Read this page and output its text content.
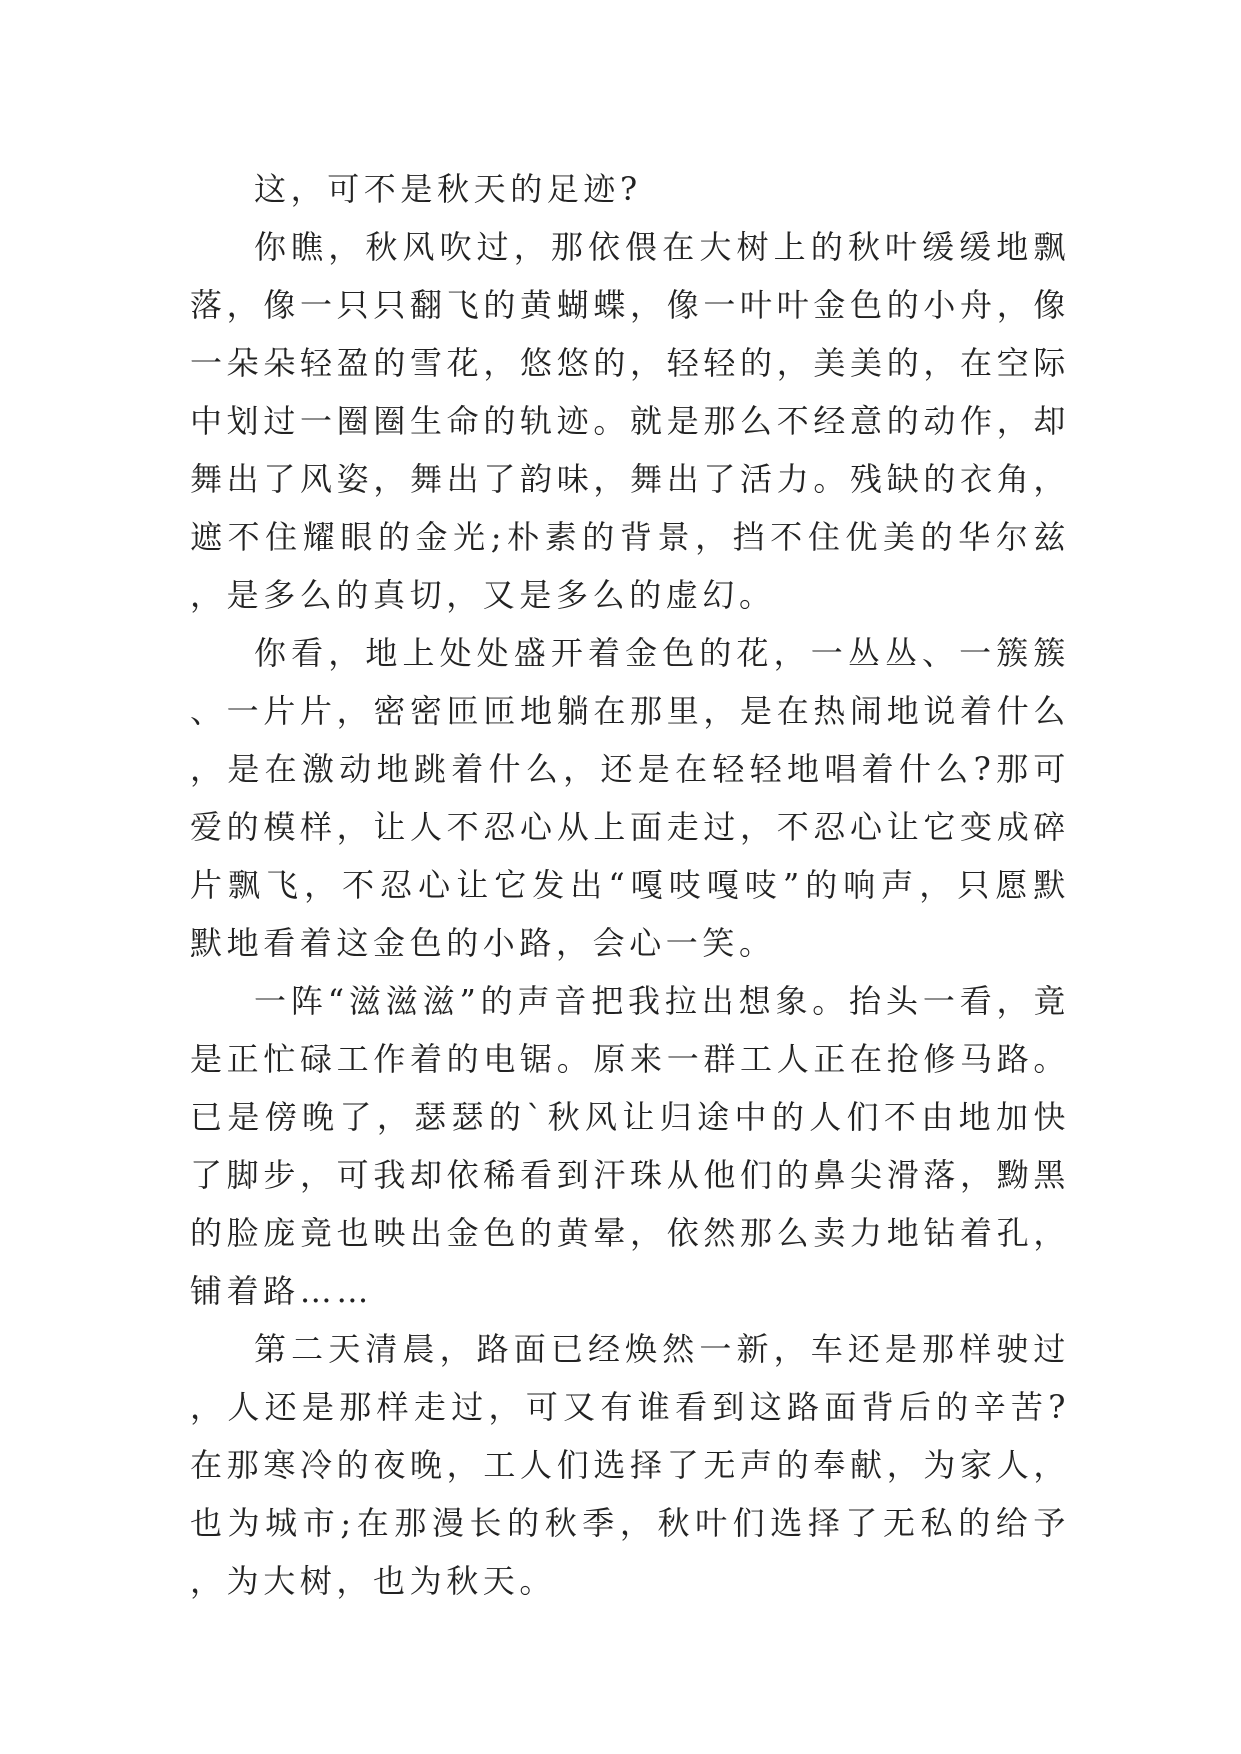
这，可不是秋天的足迹?

你瞧，秋风吹过，那依偎在大树上的秋叶缓缓地飘落，像一只只翻飞的黄蝴蝶，像一叶叶金色的小舟，像一朵朵轻盈的雪花，悠悠的，轻轻的，美美的，在空际中划过一圈圈生命的轨迹。就是那么不经意的动作，却舞出了风姿，舞出了韵味，舞出了活力。残缺的衣角，遮不住耀眼的金光;朴素的背景，挡不住优美的华尔兹，是多么的真切，又是多么的虚幻。

你看，地上处处盛开着金色的花，一丛丛、一簇簇、一片片，密密匝匝地躺在那里，是在热闹地说着什么，是在激动地跳着什么，还是在轻轻地唱着什么?那可爱的模样，让人不忍心从上面走过，不忍心让它变成碎片飘飞，不忍心让它发出“嘎吱嘎吱”的响声，只愿默默地看着这金色的小路，会心一笑。

一阵“滋滋滋”的声音把我拉出想象。抬头一看，竟是正忙碌工作着的电锯。原来一群工人正在抢修马路。已是傍晚了，瑟瑟的`秋风让归途中的人们不由地加快了脚步，可我却依稀看到汗珠从他们的鼻尖滑落，黝黑的脸庞竟也映出金色的黄晕，依然那么卖力地钻着孔，铺着路……

第二天清晨，路面已经焕然一新，车还是那样驶过，人还是那样走过，可又有谁看到这路面背后的辛苦?在那寒冷的夜晚，工人们选择了无声的奉献，为家人，也为城市;在那漫长的秋季，秋叶们选择了无私的给予，为大树，也为秋天。
